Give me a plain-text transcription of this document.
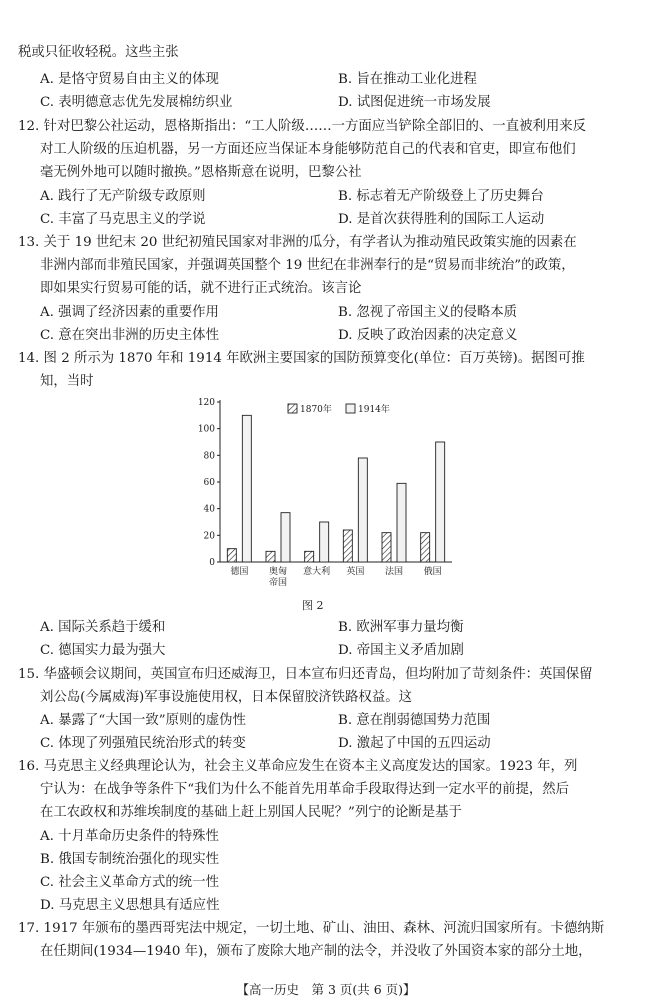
税或只征收轻税。这些主张
A. 是恪守贸易自由主义的体现	B. 旨在推动工业化进程
C. 表明德意志优先发展棉纺织业	D. 试图促进统一市场发展
12. 针对巴黎公社运动，恩格斯指出：“工人阶级……一方面应当铲除全部旧的、一直被利用来反
对工人阶级的压迫机器，另一方面还应当保证本身能够防范自己的代表和官吏，即宣布他们
毫无例外地可以随时撤换。”恩格斯意在说明，巴黎公社
A. 践行了无产阶级专政原则	B. 标志着无产阶级登上了历史舞台
C. 丰富了马克思主义的学说	D. 是首次获得胜利的国际工人运动
13. 关于 19 世纪末 20 世纪初殖民国家对非洲的瓜分，有学者认为推动殖民政策实施的因素在
非洲内部而非殖民国家，并强调英国整个 19 世纪在非洲奉行的是“贸易而非统治”的政策，
即如果实行贸易可能的话，就不进行正式统治。该言论
A. 强调了经济因素的重要作用	B. 忽视了帝国主义的侵略本质
C. 意在突出非洲的历史主体性	D. 反映了政治因素的决定意义
14. 图 2 所示为 1870 年和 1914 年欧洲主要国家的国防预算变化(单位：百万英镑)。据图可推
知，当时
0
20
40
60
80
100
120
德国 奥匈
帝国
意大利 英国 法国 俄国
1870年	1914年
图 2
A. 国际关系趋于缓和	B. 欧洲军事力量均衡
C. 德国实力最为强大	D. 帝国主义矛盾加剧
15. 华盛顿会议期间，英国宣布归还威海卫，日本宣布归还青岛，但均附加了苛刻条件：英国保留
刘公岛(今属威海)军事设施使用权，日本保留胶济铁路权益。这
A. 暴露了“大国一致”原则的虚伪性	B. 意在削弱德国势力范围
C. 体现了列强殖民统治形式的转变	D. 激起了中国的五四运动
16. 马克思主义经典理论认为，社会主义革命应发生在资本主义高度发达的国家。1923 年，列
宁认为：在战争等条件下“我们为什么不能首先用革命手段取得达到一定水平的前提，然后
在工农政权和苏维埃制度的基础上赶上别国人民呢？”列宁的论断是基于
A. 十月革命历史条件的特殊性
B. 俄国专制统治强化的现实性
C. 社会主义革命方式的统一性
D. 马克思主义思想具有适应性
17. 1917 年颁布的墨西哥宪法中规定，一切土地、矿山、油田、森林、河流归国家所有。卡德纳斯
在任期间(1934—1940 年)，颁布了废除大地产制的法令，并没收了外国资本家的部分土地，
【高一历史　第 3 页(共 6 页)】
